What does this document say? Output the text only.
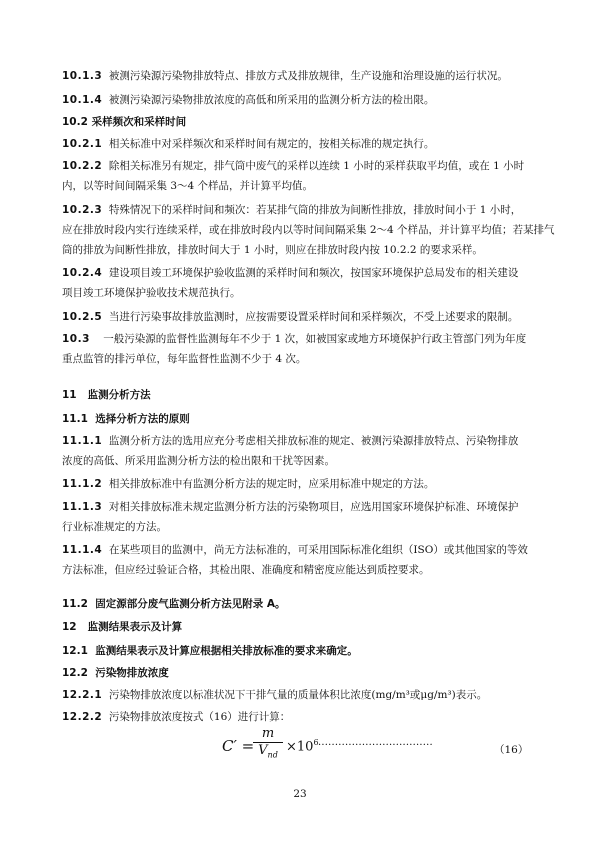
10.1.3 被测污染源污染物排放特点、排放方式及排放规律，生产设施和治理设施的运行状况。
10.1.4 被测污染源污染物排放浓度的高低和所采用的监测分析方法的检出限。
10.2 采样频次和采样时间
10.2.1 相关标准中对采样频次和采样时间有规定的，按相关标准的规定执行。
10.2.2 除相关标准另有规定，排气筒中废气的采样以连续 1 小时的采样获取平均值，或在 1 小时
内，以等时间间隔采集 3～4 个样品，并计算平均值。
10.2.3 特殊情况下的采样时间和频次：若某排气筒的排放为间断性排放，排放时间小于 1 小时，
应在排放时段内实行连续采样，或在排放时段内以等时间间隔采集 2～4 个样品，并计算平均值；若某排气
筒的排放为间断性排放，排放时间大于 1 小时，则应在排放时段内按 10.2.2 的要求采样。
10.2.4 建设项目竣工环境保护验收监测的采样时间和频次，按国家环境保护总局发布的相关建设
项目竣工环境保护验收技术规范执行。
10.2.5 当进行污染事故排放监测时，应按需要设置采样时间和采样频次，不受上述要求的限制。
10.3 一般污染源的监督性监测每年不少于 1 次，如被国家或地方环境保护行政主管部门列为年度
重点监管的排污单位，每年监督性监测不少于 4 次。
11 监测分析方法
11.1 选择分析方法的原则
11.1.1 监测分析方法的选用应充分考虑相关排放标准的规定、被测污染源排放特点、污染物排放
浓度的高低、所采用监测分析方法的检出限和干扰等因素。
11.1.2 相关排放标准中有监测分析方法的规定时，应采用标准中规定的方法。
11.1.3 对相关排放标准未规定监测分析方法的污染物项目，应选用国家环境保护标准、环境保护
行业标准规定的方法。
11.1.4 在某些项目的监测中，尚无方法标准的，可采用国际标准化组织（ISO）或其他国家的等效
方法标准，但应经过验证合格，其检出限、准确度和精密度应能达到质控要求。
11.2 固定源部分废气监测分析方法见附录 A。
12 监测结果表示及计算
12.1 监测结果表示及计算应根据相关排放标准的要求来确定。
12.2 污染物排放浓度
12.2.1 污染物排放浓度以标准状况下干排气量的质量体积比浓度(mg/m³或μg/m³)表示。
12.2.2 污染物排放浓度按式（16）进行计算：
C′ =
m
$V_{nd}$
$\times 10^6$ ··································	（16）
23
